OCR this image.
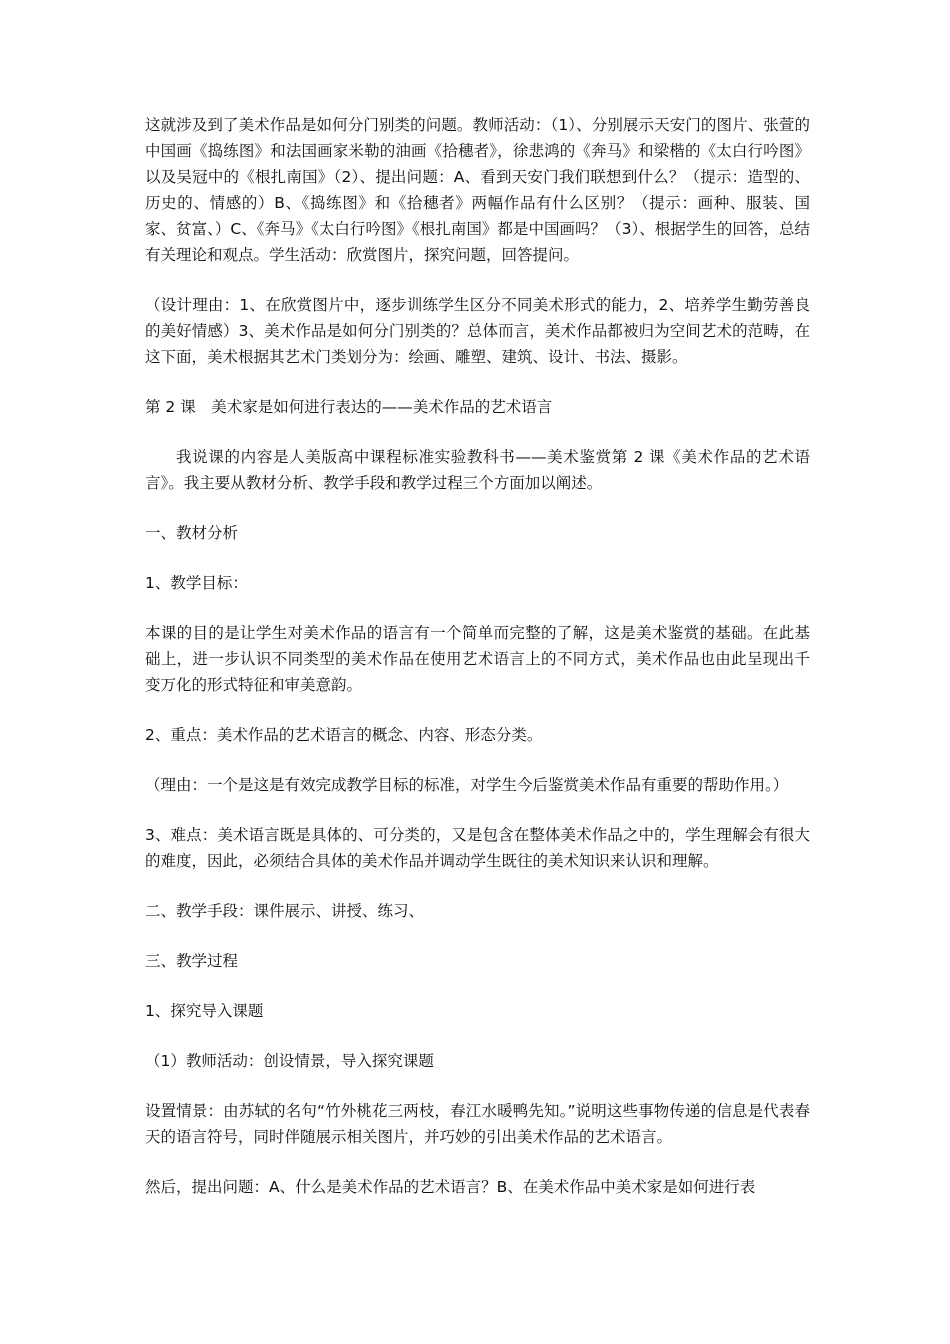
这就涉及到了美术作品是如何分门别类的问题。教师活动：（1）、分别展示天安门的图片、张萱的中国画《捣练图》和法国画家米勒的油画《拾穗者》，徐悲鸿的《奔马》和梁楷的《太白行吟图》以及吴冠中的《根扎南国》（2）、提出问题：A、看到天安门我们联想到什么？（提示：造型的、历史的、情感的）B、《捣练图》和《拾穗者》两幅作品有什么区别？（提示：画种、服装、国家、贫富、）C、《奔马》《太白行吟图》《根扎南国》都是中国画吗？（3）、根据学生的回答，总结有关理论和观点。学生活动：欣赏图片，探究问题，回答提问。

（设计理由：1、在欣赏图片中，逐步训练学生区分不同美术形式的能力，2、培养学生勤劳善良的美好情感）3、美术作品是如何分门别类的？总体而言，美术作品都被归为空间艺术的范畴，在这下面，美术根据其艺术门类划分为：绘画、雕塑、建筑、设计、书法、摄影。

第 2 课　美术家是如何进行表达的——美术作品的艺术语言

我说课的内容是人美版高中课程标准实验教科书——美术鉴赏第 2 课《美术作品的艺术语言》。我主要从教材分析、教学手段和教学过程三个方面加以阐述。

一、教材分析

1、教学目标：

本课的目的是让学生对美术作品的语言有一个简单而完整的了解，这是美术鉴赏的基础。在此基础上，进一步认识不同类型的美术作品在使用艺术语言上的不同方式，美术作品也由此呈现出千变万化的形式特征和审美意韵。

2、重点：美术作品的艺术语言的概念、内容、形态分类。

（理由：一个是这是有效完成教学目标的标准，对学生今后鉴赏美术作品有重要的帮助作用。）

3、难点：美术语言既是具体的、可分类的，又是包含在整体美术作品之中的，学生理解会有很大的难度，因此，必须结合具体的美术作品并调动学生既往的美术知识来认识和理解。

二、教学手段：课件展示、讲授、练习、

三、教学过程

1、探究导入课题

（1）教师活动：创设情景，导入探究课题

设置情景：由苏轼的名句“竹外桃花三两枝，春江水暖鸭先知。”说明这些事物传递的信息是代表春天的语言符号，同时伴随展示相关图片，并巧妙的引出美术作品的艺术语言。

然后，提出问题：A、什么是美术作品的艺术语言？B、在美术作品中美术家是如何进行表
